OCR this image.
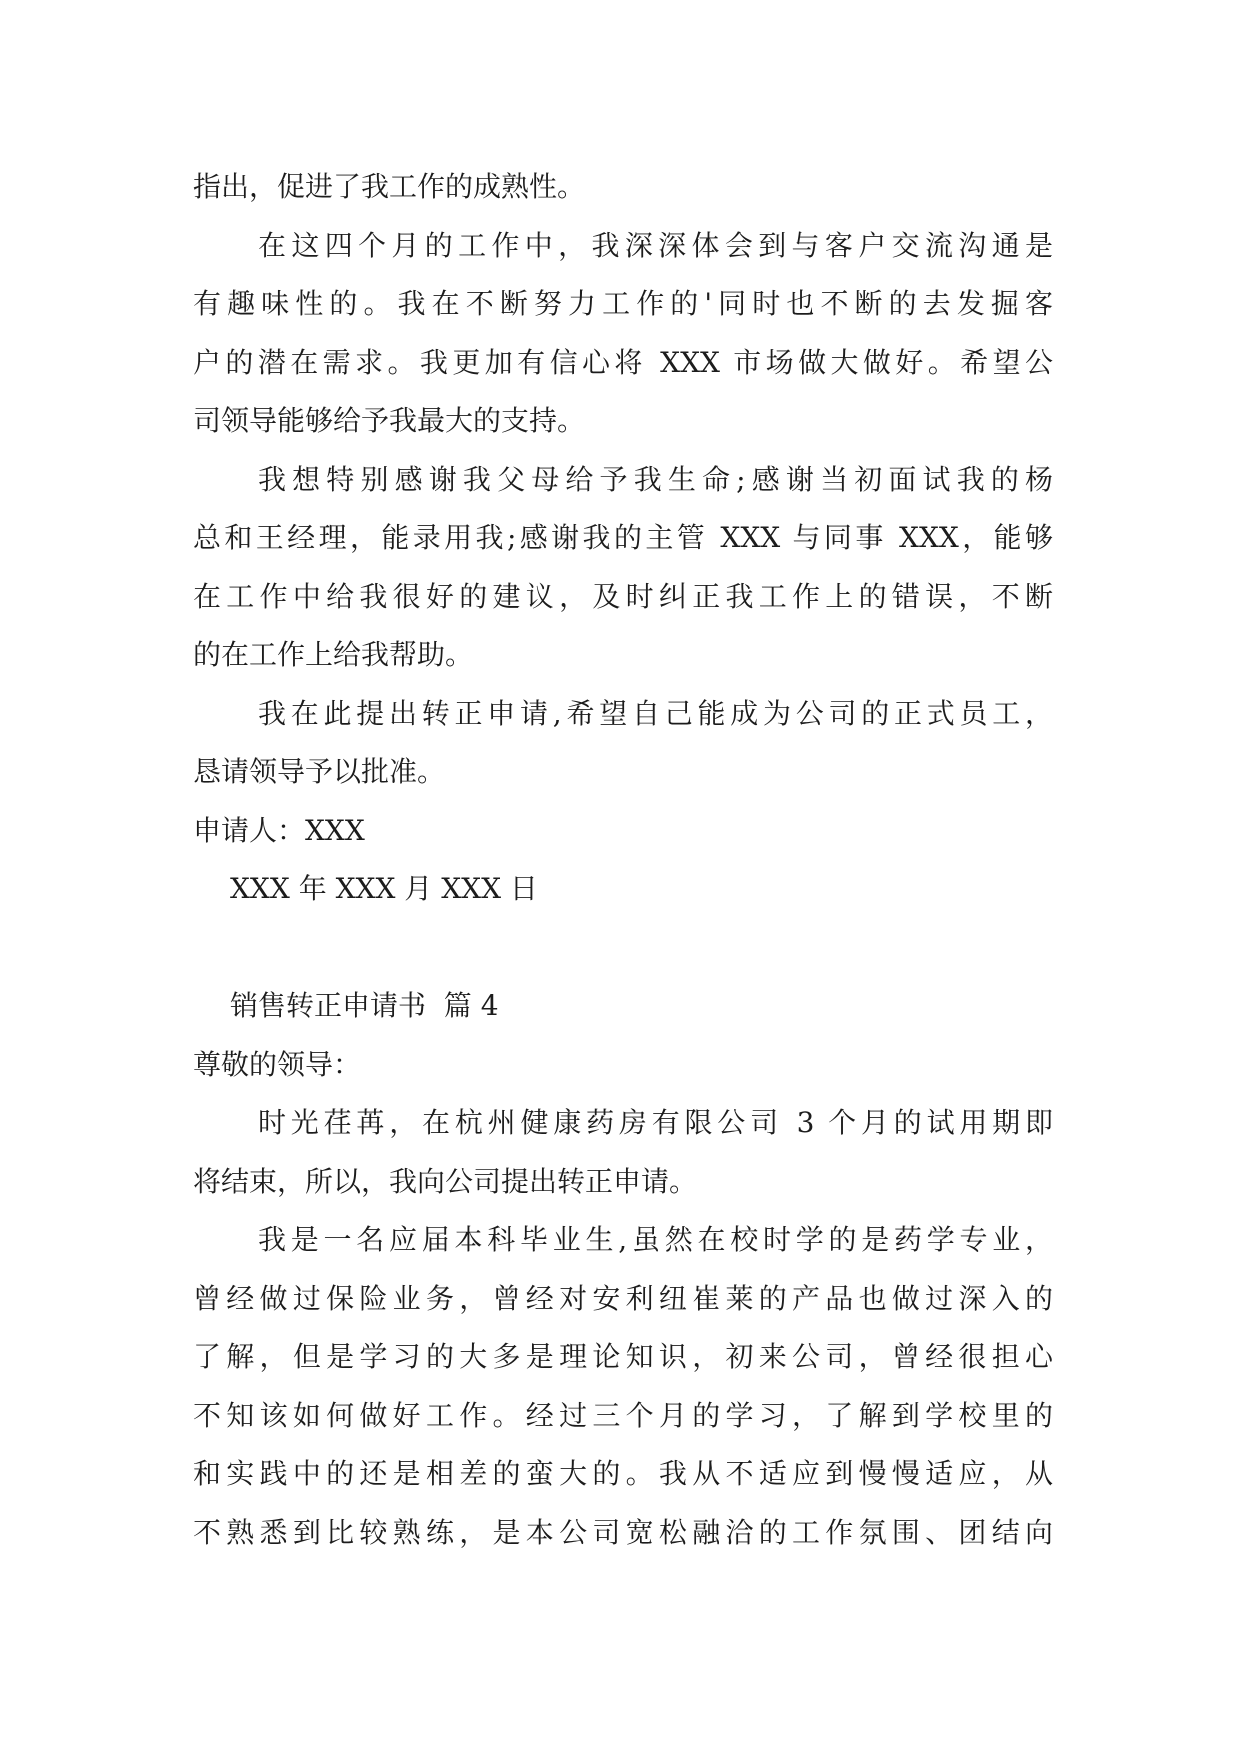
指出，促进了我工作的成熟性。
在这四个月的工作中，我深深体会到与客户交流沟通是
有趣味性的。我在不断努力工作的'同时也不断的去发掘客
户的潜在需求。我更加有信心将 XXX 市场做大做好。希望公
司领导能够给予我最大的支持。
我想特别感谢我父母给予我生命;感谢当初面试我的杨
总和王经理，能录用我;感谢我的主管 XXX 与同事 XXX，能够
在工作中给我很好的建议，及时纠正我工作上的错误，不断
的在工作上给我帮助。
我在此提出转正申请,希望自己能成为公司的正式员工，
恳请领导予以批准。
申请人：XXX
XXX 年 XXX 月 XXX 日
销售转正申请书  篇 4
尊敬的领导：
时光荏苒，在杭州健康药房有限公司 3 个月的试用期即
将结束，所以，我向公司提出转正申请。
我是一名应届本科毕业生,虽然在校时学的是药学专业，
曾经做过保险业务，曾经对安利纽崔莱的产品也做过深入的
了解，但是学习的大多是理论知识，初来公司，曾经很担心
不知该如何做好工作。经过三个月的学习，了解到学校里的
和实践中的还是相差的蛮大的。我从不适应到慢慢适应，从
不熟悉到比较熟练，是本公司宽松融洽的工作氛围、团结向
